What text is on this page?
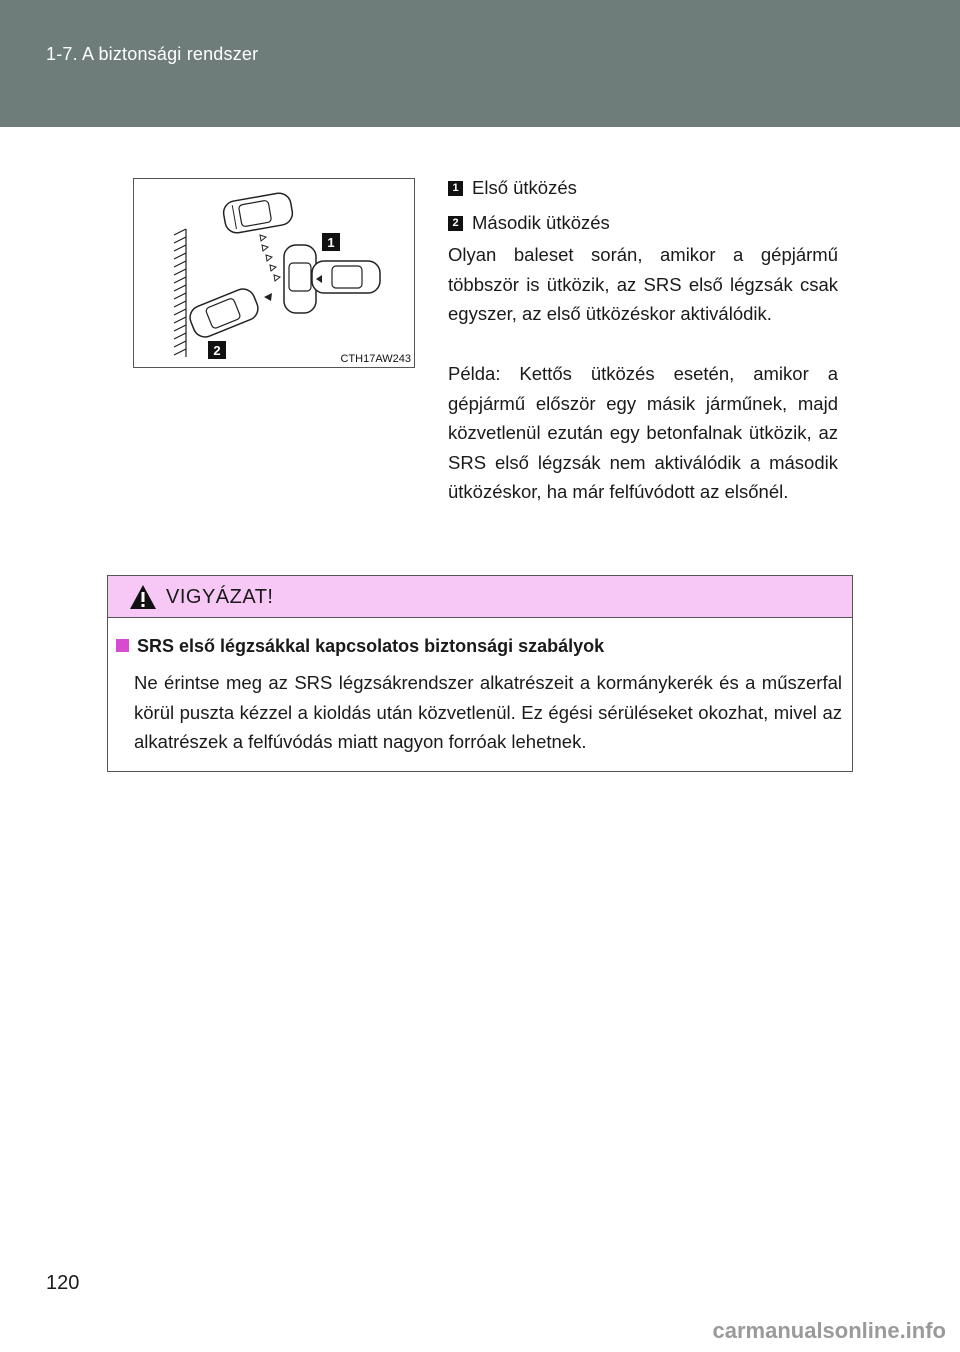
1-7. A biztonsági rendszer
1
2
CTH17AW243
1 Első ütközés
2 Második ütközés

Olyan baleset során, amikor a gépjármű többször is ütközik, az SRS első légzsák csak egyszer, az első ütközéskor aktiválódik.

Példa: Kettős ütközés esetén, amikor a gépjármű először egy másik járműnek, majd közvetlenül ezután egy betonfalnak ütközik, az SRS első légzsák nem aktiválódik a második ütközéskor, ha már felfúvódott az elsőnél.

VIGYÁZAT!
SRS első légzsákkal kapcsolatos biztonsági szabályok

Ne érintse meg az SRS légzsákrendszer alkatrészeit a kormánykerék és a műszerfal körül puszta kézzel a kioldás után közvetlenül. Ez égési sérüléseket okozhat, mivel az alkatrészek a felfúvódás miatt nagyon forróak lehetnek.

120
carmanualsonline.info
